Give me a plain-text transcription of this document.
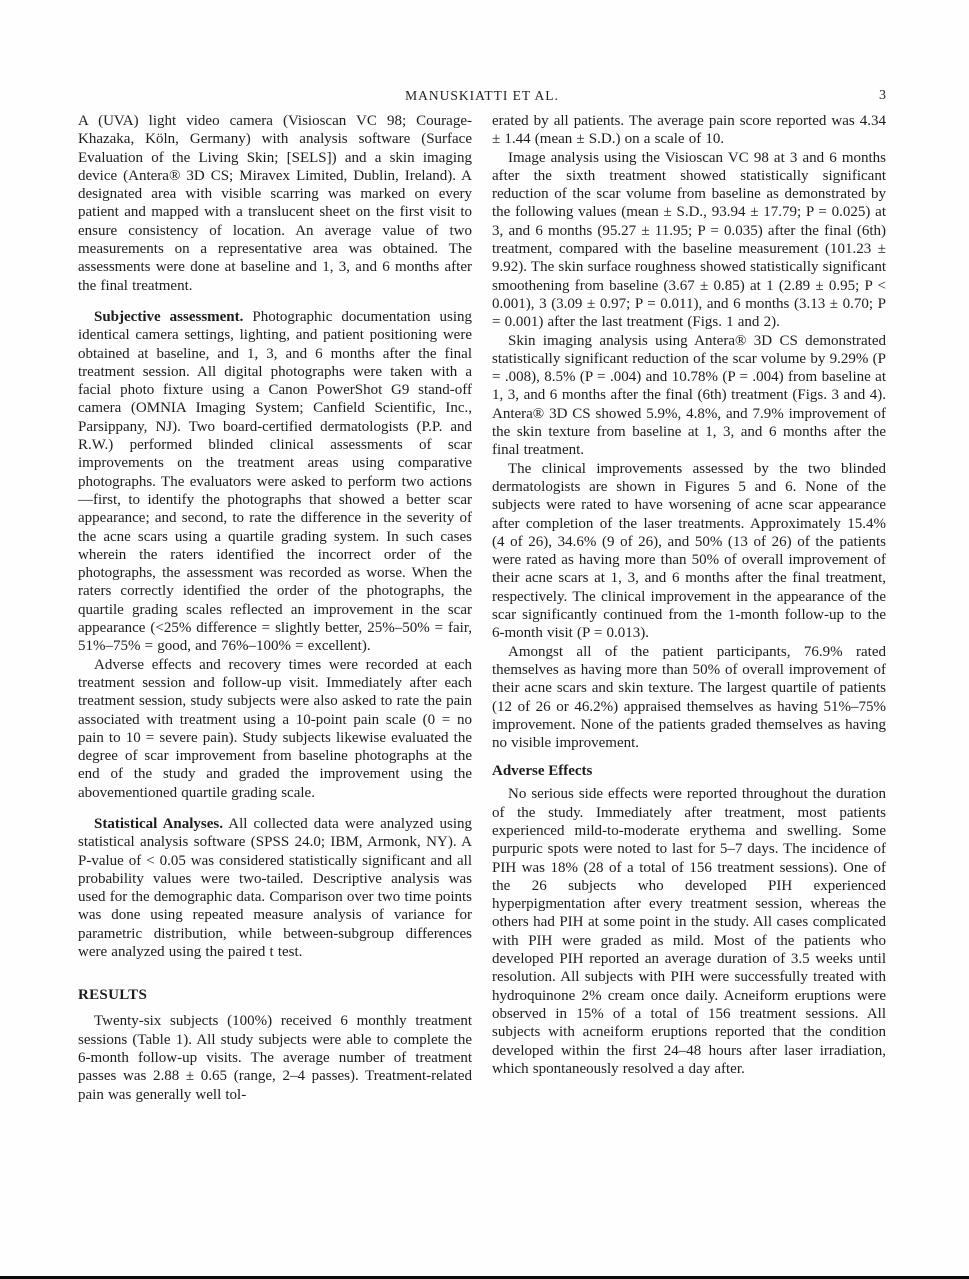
MANUSKIATTI ET AL.	3

A (UVA) light video camera (Visioscan VC 98; Courage-Khazaka, Köln, Germany) with analysis software (Surface Evaluation of the Living Skin; [SELS]) and a skin imaging device (Antera® 3D CS; Miravex Limited, Dublin, Ireland). A designated area with visible scarring was marked on every patient and mapped with a translucent sheet on the first visit to ensure consistency of location. An average value of two measurements on a representative area was obtained. The assessments were done at baseline and 1, 3, and 6 months after the final treatment.

Subjective assessment. Photographic documentation using identical camera settings, lighting, and patient positioning were obtained at baseline, and 1, 3, and 6 months after the final treatment session. All digital photographs were taken with a facial photo fixture using a Canon PowerShot G9 stand-off camera (OMNIA Imaging System; Canfield Scientific, Inc., Parsippany, NJ). Two board-certified dermatologists (P.P. and R.W.) performed blinded clinical assessments of scar improvements on the treatment areas using comparative photographs. The evaluators were asked to perform two actions—first, to identify the photographs that showed a better scar appearance; and second, to rate the difference in the severity of the acne scars using a quartile grading system. In such cases wherein the raters identified the incorrect order of the photographs, the assessment was recorded as worse. When the raters correctly identified the order of the photographs, the quartile grading scales reflected an improvement in the scar appearance (<25% difference = slightly better, 25%–50% = fair, 51%–75% = good, and 76%–100% = excellent).

Adverse effects and recovery times were recorded at each treatment session and follow-up visit. Immediately after each treatment session, study subjects were also asked to rate the pain associated with treatment using a 10-point pain scale (0 = no pain to 10 = severe pain). Study subjects likewise evaluated the degree of scar improvement from baseline photographs at the end of the study and graded the improvement using the abovementioned quartile grading scale.

Statistical Analyses. All collected data were analyzed using statistical analysis software (SPSS 24.0; IBM, Armonk, NY). A P-value of < 0.05 was considered statistically significant and all probability values were two-tailed. Descriptive analysis was used for the demographic data. Comparison over two time points was done using repeated measure analysis of variance for parametric distribution, while between-subgroup differences were analyzed using the paired t test.

RESULTS

Twenty-six subjects (100%) received 6 monthly treatment sessions (Table 1). All study subjects were able to complete the 6-month follow-up visits. The average number of treatment passes was 2.88 ± 0.65 (range, 2–4 passes). Treatment-related pain was generally well tol-

erated by all patients. The average pain score reported was 4.34 ± 1.44 (mean ± S.D.) on a scale of 10.

Image analysis using the Visioscan VC 98 at 3 and 6 months after the sixth treatment showed statistically significant reduction of the scar volume from baseline as demonstrated by the following values (mean ± S.D., 93.94 ± 17.79; P = 0.025) at 3, and 6 months (95.27 ± 11.95; P = 0.035) after the final (6th) treatment, compared with the baseline measurement (101.23 ± 9.92). The skin surface roughness showed statistically significant smoothening from baseline (3.67 ± 0.85) at 1 (2.89 ± 0.95; P < 0.001), 3 (3.09 ± 0.97; P = 0.011), and 6 months (3.13 ± 0.70; P = 0.001) after the last treatment (Figs. 1 and 2).

Skin imaging analysis using Antera® 3D CS demonstrated statistically significant reduction of the scar volume by 9.29% (P = .008), 8.5% (P = .004) and 10.78% (P = .004) from baseline at 1, 3, and 6 months after the final (6th) treatment (Figs. 3 and 4). Antera® 3D CS showed 5.9%, 4.8%, and 7.9% improvement of the skin texture from baseline at 1, 3, and 6 months after the final treatment.

The clinical improvements assessed by the two blinded dermatologists are shown in Figures 5 and 6. None of the subjects were rated to have worsening of acne scar appearance after completion of the laser treatments. Approximately 15.4% (4 of 26), 34.6% (9 of 26), and 50% (13 of 26) of the patients were rated as having more than 50% of overall improvement of their acne scars at 1, 3, and 6 months after the final treatment, respectively. The clinical improvement in the appearance of the scar significantly continued from the 1-month follow-up to the 6-month visit (P = 0.013).

Amongst all of the patient participants, 76.9% rated themselves as having more than 50% of overall improvement of their acne scars and skin texture. The largest quartile of patients (12 of 26 or 46.2%) appraised themselves as having 51%–75% improvement. None of the patients graded themselves as having no visible improvement.

Adverse Effects

No serious side effects were reported throughout the duration of the study. Immediately after treatment, most patients experienced mild-to-moderate erythema and swelling. Some purpuric spots were noted to last for 5–7 days. The incidence of PIH was 18% (28 of a total of 156 treatment sessions). One of the 26 subjects who developed PIH experienced hyperpigmentation after every treatment session, whereas the others had PIH at some point in the study. All cases complicated with PIH were graded as mild. Most of the patients who developed PIH reported an average duration of 3.5 weeks until resolution. All subjects with PIH were successfully treated with hydroquinone 2% cream once daily. Acneiform eruptions were observed in 15% of a total of 156 treatment sessions. All subjects with acneiform eruptions reported that the condition developed within the first 24–48 hours after laser irradiation, which spontaneously resolved a day after.
